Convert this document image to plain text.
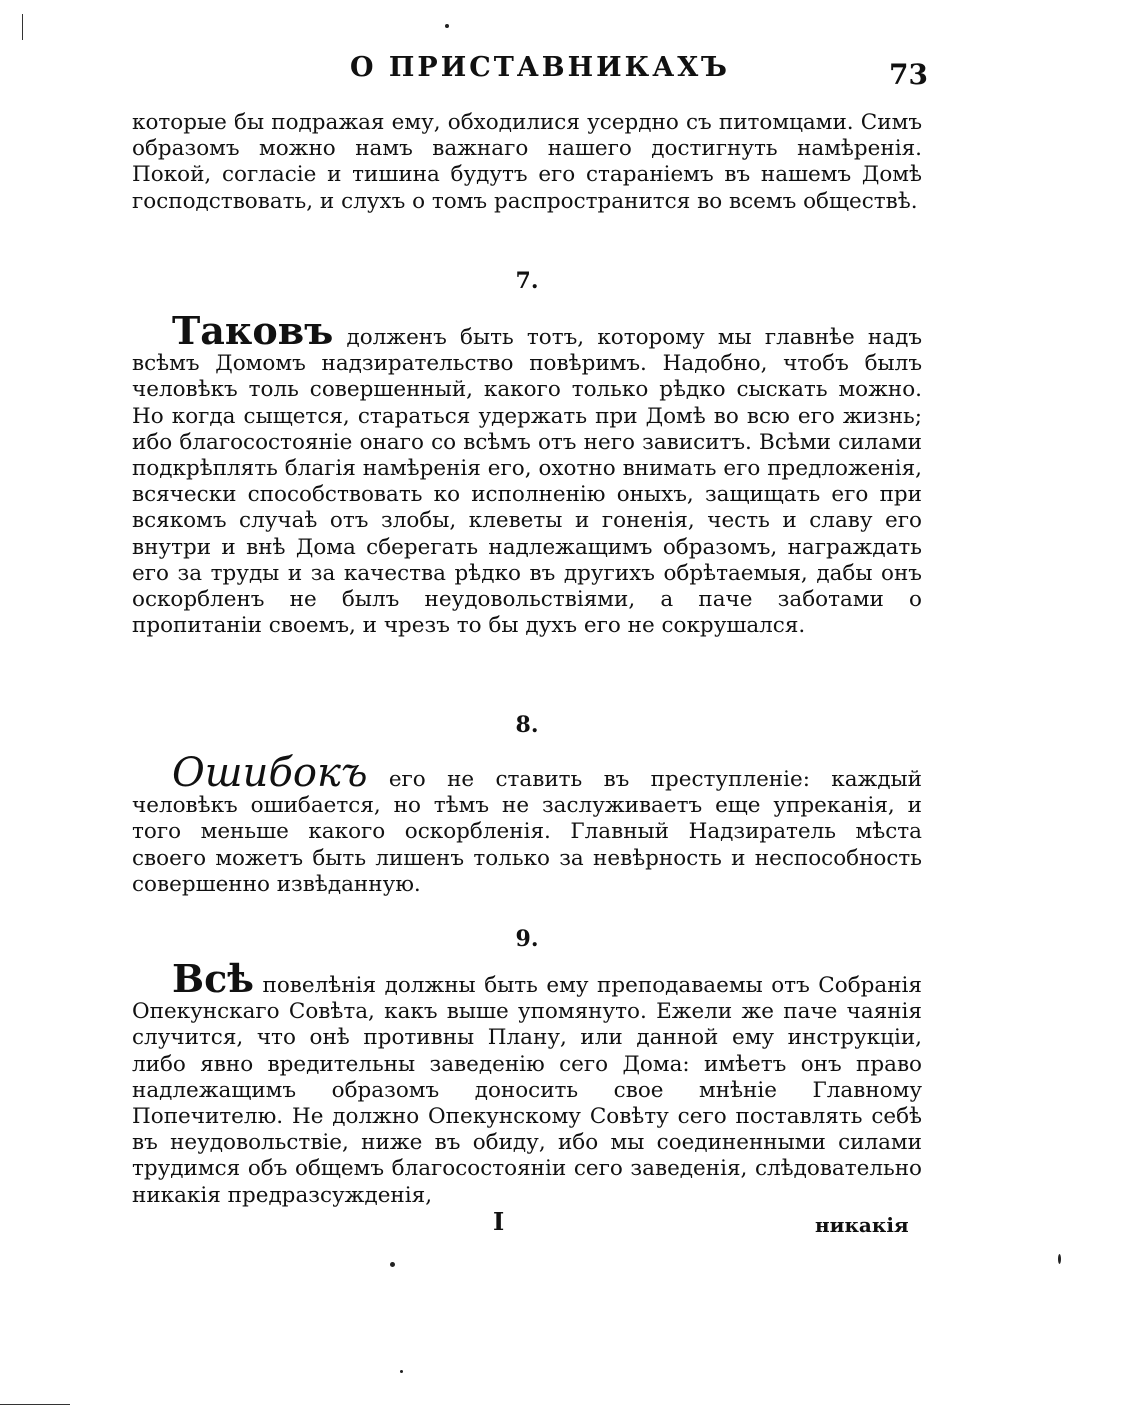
О ПРИСТАВНИКАХЪ	73

которые бы подражая ему, обходилися усердно съ питомцами. Симъ образомъ можно намъ важнаго нашего достигнуть намѣренія. Покой, согласіе и тишина будутъ его стараніемъ въ нашемъ Домѣ господствовать, и слухъ о томъ распространится во всемъ обществѣ.

7.

Таковъ долженъ быть тотъ, которому мы главнѣе надъ всѣмъ Домомъ надзирательство повѣримъ. Надобно, чтобъ былъ человѣкъ толь совершенный, какого только рѣдко сыскать можно. Но когда сыщется, стараться удержать при Домѣ во всю его жизнь; ибо благосостояніе онаго со всѣмъ отъ него зависитъ. Всѣми силами подкрѣплять благія намѣренія его, охотно внимать его предложенія, всячески способствовать ко исполненію оныхъ, защищать его при всякомъ случаѣ отъ злобы, клеветы и гоненія, честь и славу его внутри и внѣ Дома сберегать надлежащимъ образомъ, награждать его за труды и за качества рѣдко въ другихъ обрѣтаемыя, дабы онъ оскорбленъ не былъ неудовольствіями, а паче заботами о пропитаніи своемъ, и чрезъ то бы духъ его не сокрушался.

8.

Ошибокъ его не ставить въ преступленіе: каждый человѣкъ ошибается, но тѣмъ не заслуживаетъ еще упреканія, и того меньше какого оскорбленія. Главный Надзиратель мѣста своего можетъ быть лишенъ только за невѣрность и неспособность совершенно извѣданную.

9.

Всѣ повелѣнія должны быть ему преподаваемы отъ Собранія Опекунскаго Совѣта, какъ выше упомянуто. Ежели же паче чаянія случится, что онѣ противны Плану, или данной ему инструкціи, либо явно вредительны заведенію сего Дома: имѣетъ онъ право надлежащимъ образомъ доносить свое мнѣніе Главному Попечителю. Не должно Опекунскому Совѣту сего поставлять себѣ въ неудовольствіе, ниже въ обиду, ибо мы соединенными силами трудимся объ общемъ благосостояніи сего заведенія, слѣдовательно никакія предразсужденія,

I	никакія
